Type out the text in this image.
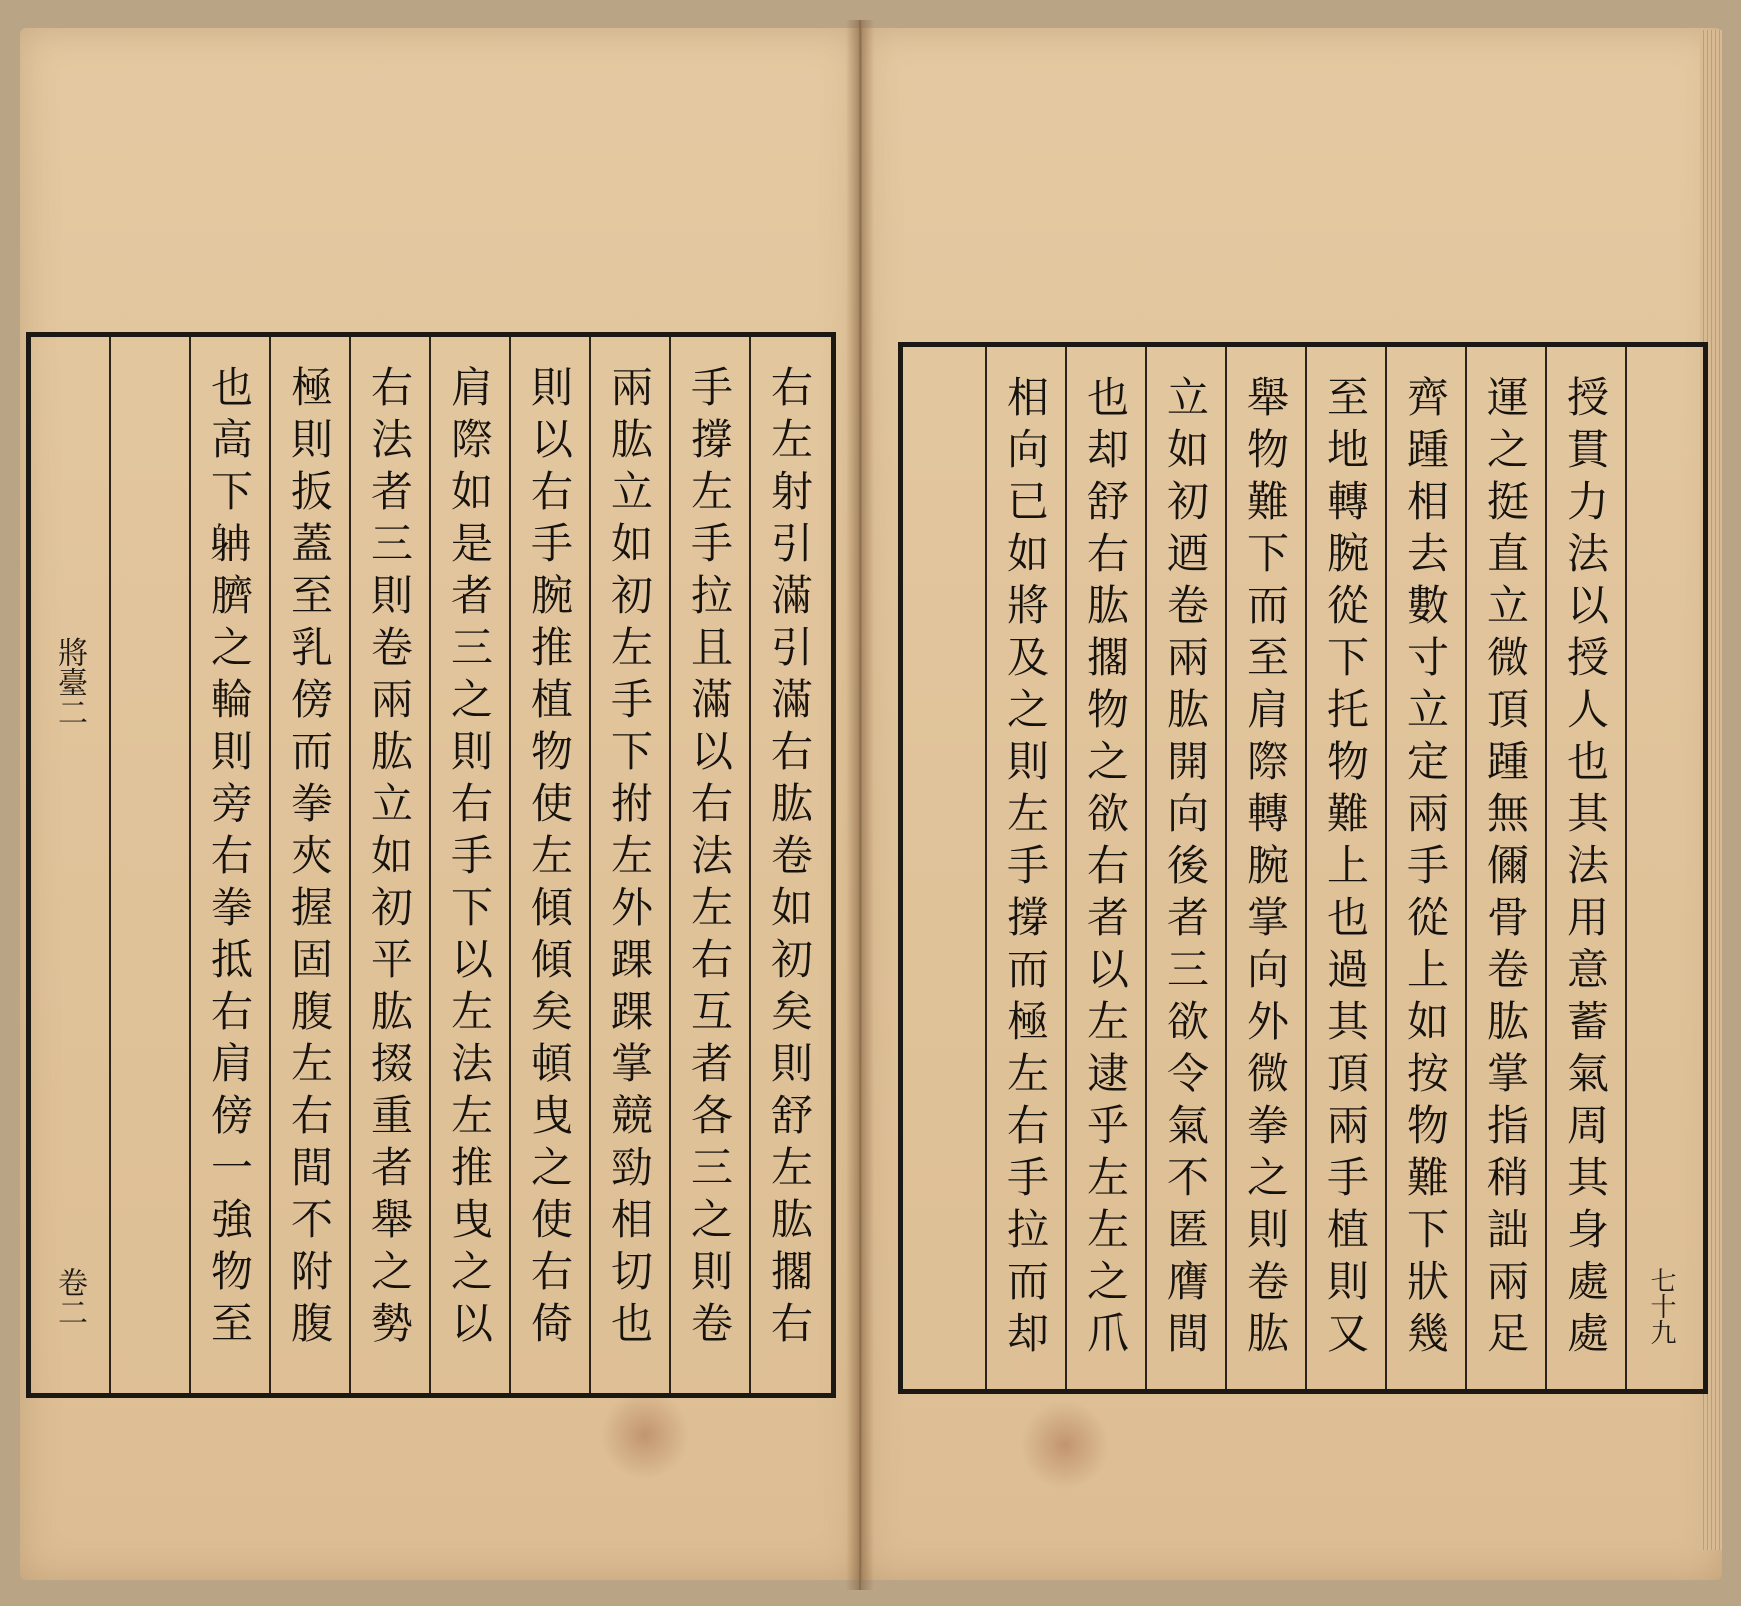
將臺二
卷二	右左射引滿引滿右肱卷如初矣則舒左肱擱右
手撐左手拉且滿以右法左右互者各三之則卷
兩肱立如初左手下拊左外踝踝掌競勁相切也
則以右手腕推植物使左傾傾矣頓曳之使右倚
肩際如是者三之則右手下以左法左推曳之以
右法者三則卷兩肱立如初平肱掇重者舉之勢
極則扳蓋至乳傍而拳夾握固腹左右間不附腹
也高下𨈭臍之輪則旁右拳抵右肩傍一強物至	授貫力法以授人也其法用意蓄氣周其身處處
運之挺直立微頂踵無儞骨卷肱掌指稍詘兩足
齊踵相去數寸立定兩手從上如按物難下狀幾
至地轉腕從下托物難上也過其頂兩手植則又
舉物難下而至肩際轉腕掌向外微拳之則卷肱
立如初迺卷兩肱開向後者三欲令氣不匿膺間
也却舒右肱擱物之欲右者以左逮乎左左之爪
相向已如將及之則左手撐而極左右手拉而却	七十九
